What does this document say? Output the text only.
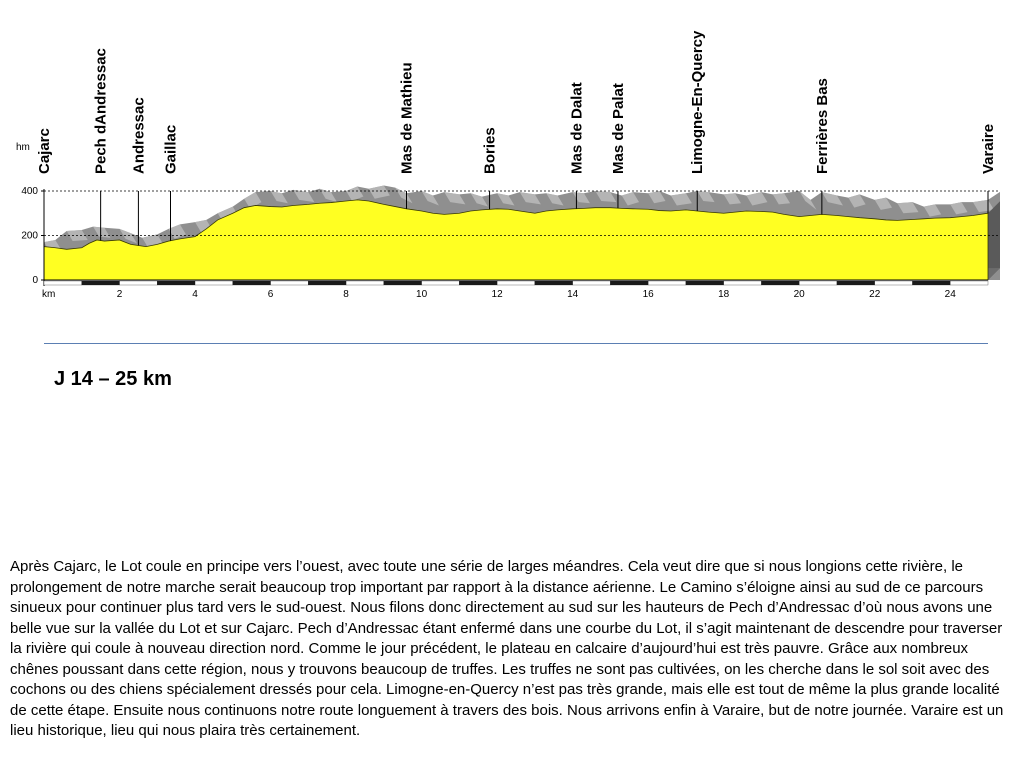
Cajarc	Pech dAndressac Andressac Gaillac	Mas de Mathieu	Bories	Mas de Dalat Mas de Palat	Limogne-En-Quercy	Ferrières Bas	Varaire
0
200
400
2	4	6	8	10	12	14	16	18	20	22	24
hm
km
J 14 – 25 km

Après Cajarc, le Lot coule en principe vers l’ouest, avec toute une série de larges méandres. Cela veut dire que si nous longions cette rivière, le prolongement de notre marche serait beaucoup trop important par rapport à la distance aérienne. Le Camino s’éloigne ainsi au sud de ce parcours sinueux pour continuer plus tard vers le sud-ouest. Nous filons donc directement au sud sur les hauteurs de Pech d’Andressac d’où nous avons une belle vue sur la vallée du Lot et sur Cajarc. Pech d’Andressac étant enfermé dans une courbe du Lot, il s’agit maintenant de descendre pour traverser la rivière qui coule à nouveau direction nord. Comme le jour précédent, le plateau en calcaire d’aujourd’hui est très pauvre. Grâce aux nombreux chênes poussant dans cette région, nous y trouvons beaucoup de truffes. Les truffes ne sont pas cultivées, on les cherche dans le sol soit avec des cochons ou des chiens spécialement dressés pour cela. Limogne-en-Quercy n’est pas très grande, mais elle est tout de même la plus grande localité de cette étape. Ensuite nous continuons notre route longuement à travers des bois. Nous arrivons enfin à Varaire, but de notre journée. Varaire est un lieu historique, lieu qui nous plaira très certainement.
